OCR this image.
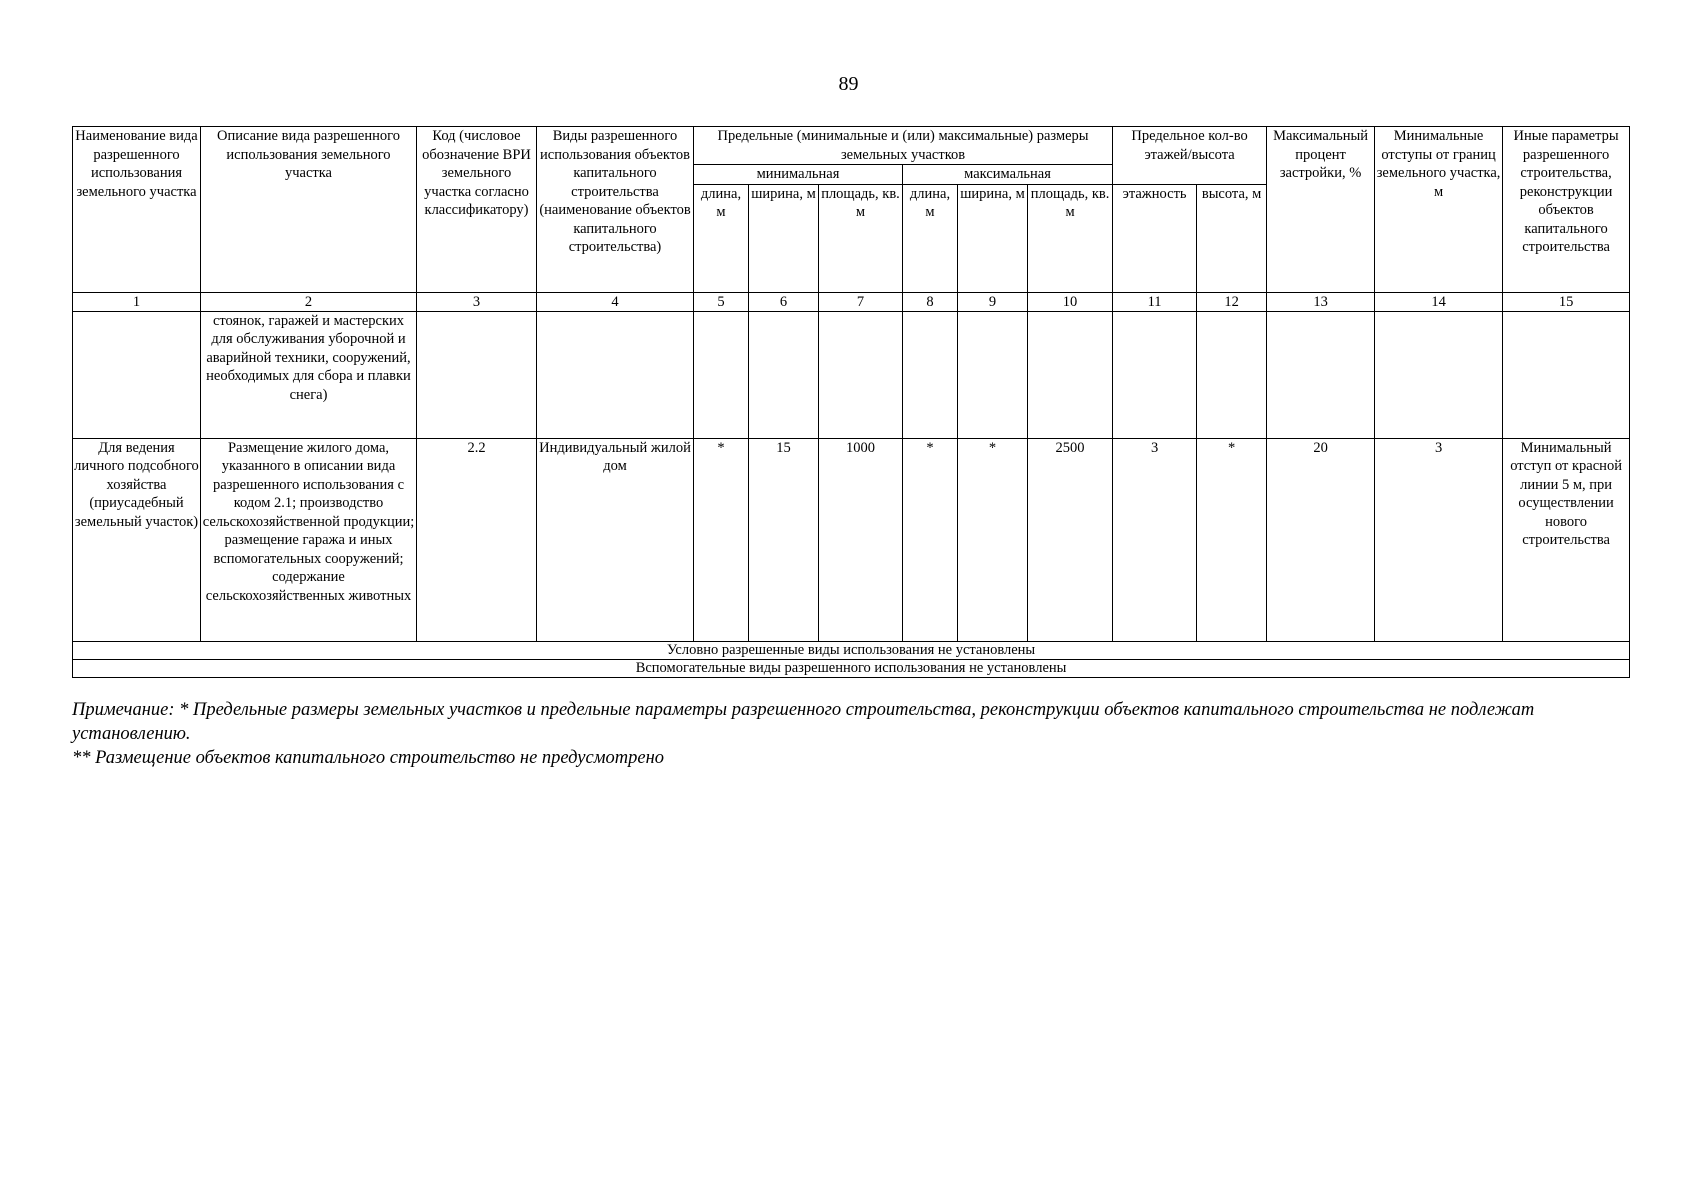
89
Наименование вида разрешенного использования земельного участка	Описание вида разрешенного использования земельного участка	Код (числовое обозначение ВРИ земельного участка согласно классификатору)	Виды разрешенного использования объектов капитального строительства (наименование объектов капитального строительства)	Предельные (минимальные и (или) максимальные) размеры земельных участков						Предельное кол-во этажей/высота		Максимальный процент застройки, %	Минимальные отступы от границ земельного участка, м	Иные параметры разрешенного строительства, реконструкции объектов капитального строительства
				минимальная			максимальная							
				длина, м	ширина, м	площадь, кв. м	длина, м	ширина, м	площадь, кв. м	этажность	высота, м			
1	2	3	4	5	6	7	8	9	10	11	12	13	14	15
	стоянок, гаражей и мастерских для обслуживания уборочной и аварийной техники, сооружений, необходимых для сбора и плавки снега)													
Для ведения личного подсобного хозяйства (приусадебный земельный участок)	Размещение жилого дома, указанного в описании вида разрешенного использования с кодом 2.1; производство сельскохозяйственной продукции; размещение гаража и иных вспомогательных сооружений; содержание сельскохозяйственных животных	2.2	Индивидуальный жилой дом	*	15	1000	*	*	2500	3	*	20	3	Минимальный отступ от красной линии 5 м, при осуществлении нового строительства
Условно разрешенные виды использования не установлены														
Вспомогательные виды разрешенного использования не установлены														
Примечание: * Предельные размеры земельных участков и предельные параметры разрешенного строительства, реконструкции объектов капитального строительства не подлежат установлению.
** Размещение объектов капитального строительство не предусмотрено
